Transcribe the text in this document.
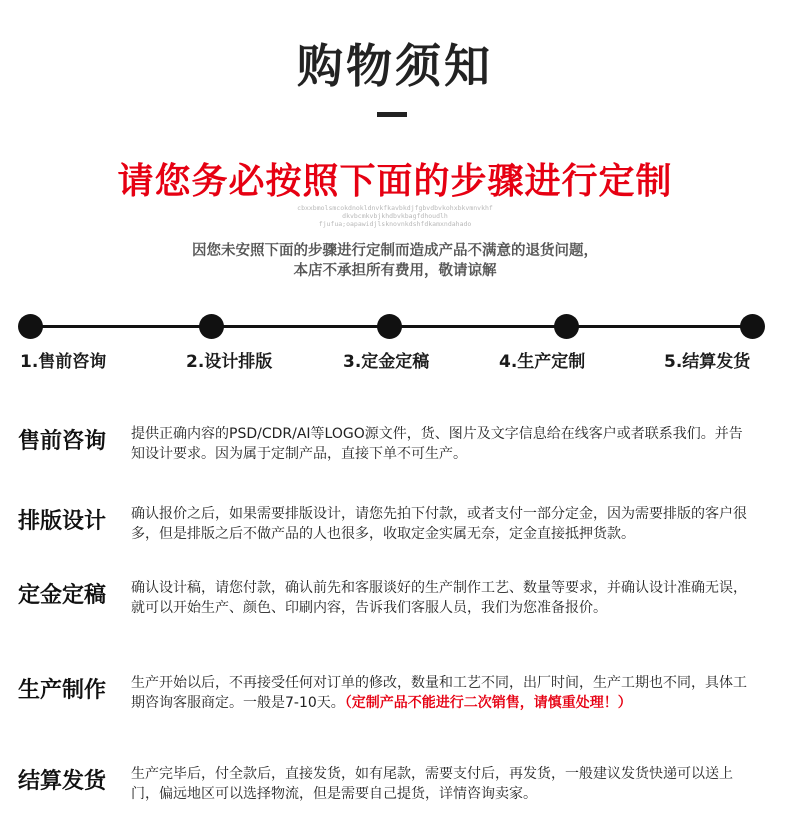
购物须知
请您务必按照下面的步骤进行定制
cbxxbmolsmcokdnokldnvkfkavbkdjfgbvdbvkohxbkvmnvkhf
dkvbcmkvbjkhdbvkbagfdhoudlh
fjufua;oapawidjlsknovnkdshfdkamxndahado
因您未安照下面的步骤进行定制而造成产品不满意的退货问题，
本店不承担所有费用，敬请谅解
1.售前咨询	2.设计排版	3.定金定稿	4.生产定制	5.结算发货
售前咨询 提供正确内容的PSD/CDR/AI等LOGO源文件，货、图片及文字信息给在线客户或者联系我们。并告知设计要求。因为属于定制产品，直接下单不可生产。
排版设计 确认报价之后，如果需要排版设计，请您先拍下付款，或者支付一部分定金，因为需要排版的客户很多，但是排版之后不做产品的人也很多，收取定金实属无奈，定金直接抵押货款。
定金定稿 确认设计稿，请您付款，确认前先和客服谈好的生产制作工艺、数量等要求，并确认设计准确无误，就可以开始生产、颜色、印刷内容，告诉我们客服人员，我们为您准备报价。
生产制作 生产开始以后，不再接受任何对订单的修改，数量和工艺不同，出厂时间，生产工期也不同，具体工期咨询客服商定。一般是7-10天。（定制产品不能进行二次销售，请慎重处理！）
结算发货 生产完毕后，付全款后，直接发货，如有尾款，需要支付后，再发货，一般建议发货快递可以送上门，偏远地区可以选择物流，但是需要自己提货，详情咨询卖家。
